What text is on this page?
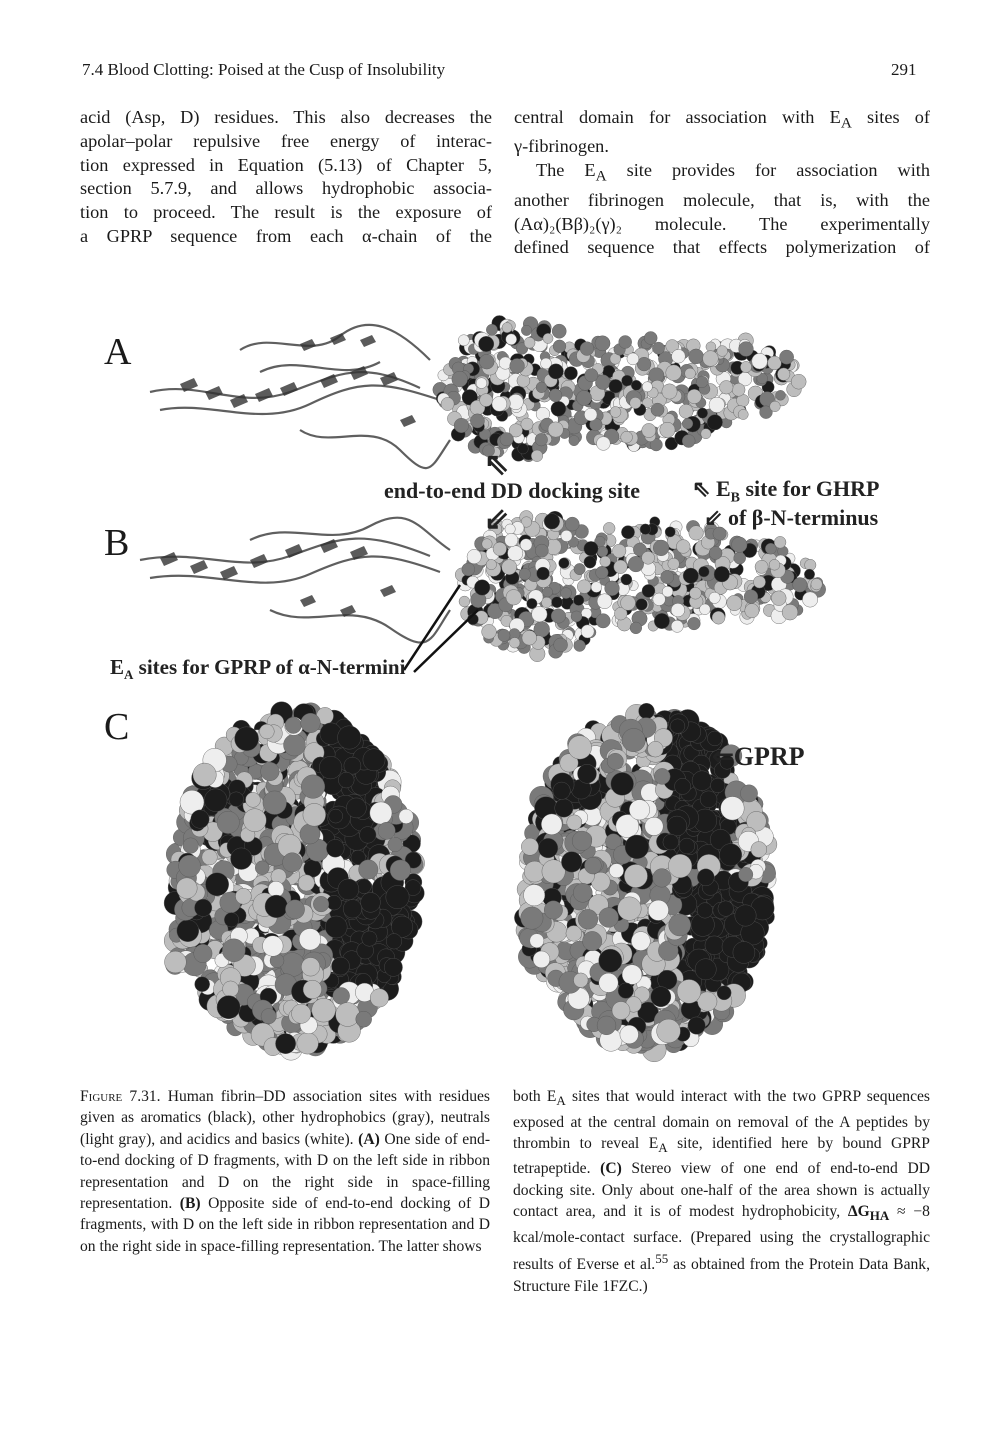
7.4 Blood Clotting: Poised at the Cusp of Insolubility	291

acid (Asp, D) residues. This also decreases the

apolar–polar repulsive free energy of interac-

tion expressed in Equation (5.13) of Chapter 5,

section 5.7.9, and allows hydrophobic associa-

tion to proceed. The result is the exposure of

a GPRP sequence from each α-chain of the

central domain for association with $E_A$ sites of

γ-fibrinogen.

The $E_A$ site provides for association with

another fibrinogen molecule, that is, with the

(Aα)₂(Bβ)₂(γ)₂ molecule. The experimentally

defined sequence that effects polymerization of

A
B
C
⇖
end-to-end DD docking site ⇖ $E_B$ site for GHRP
⇙ of β-N-terminus
⇙
$E_A$ sites for GPRP of α-N-termini
⇐GPRP
Figure 7.31. Human fibrin–DD association sites with residues given as aromatics (black), other hydrophobics (gray), neutrals (light gray), and acidics and basics (white). (A) One side of end-to-end docking of D fragments, with D on the left side in ribbon representation and D on the right side in space-filling representation. (B) Opposite side of end-to-end docking of D fragments, with D on the left side in ribbon representation and D on the right side in space-filling representation. The latter shows
both $E_A$ sites that would interact with the two GPRP sequences exposed at the central domain on removal of the A peptides by thrombin to reveal $E_A$ site, identified here by bound GPRP tetrapeptide. (C) Stereo view of one end of end-to-end DD docking site. Only about one-half of the area shown is actually contact area, and it is of modest hydrophobicity, $\Delta G_{HA} \approx -8$ kcal/mole-contact surface. (Prepared using the crystallographic results of Everse et al.$^{55}$ as obtained from the Protein Data Bank, Structure File 1FZC.)
